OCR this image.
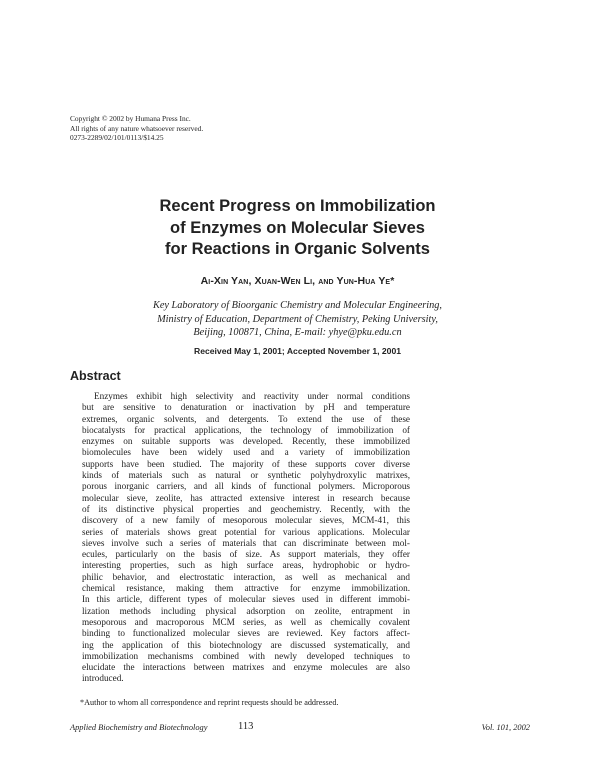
Copyright © 2002 by Humana Press Inc.
All rights of any nature whatsoever reserved.
0273-2289/02/101/0113/$14.25
Recent Progress on Immobilization
of Enzymes on Molecular Sieves
for Reactions in Organic Solvents
Ai-Xin Yan, Xuan-Wen Li, and Yun-Hua Ye*
Key Laboratory of Bioorganic Chemistry and Molecular Engineering,
Ministry of Education, Department of Chemistry, Peking University,
Beijing, 100871, China, E-mail: yhye@pku.edu.cn
Received May 1, 2001; Accepted November 1, 2001
Abstract
Enzymes exhibit high selectivity and reactivity under normal conditions
but are sensitive to denaturation or inactivation by pH and temperature
extremes, organic solvents, and detergents. To extend the use of these
biocatalysts for practical applications, the technology of immobilization of
enzymes on suitable supports was developed. Recently, these immobilized
biomolecules have been widely used and a variety of immobilization
supports have been studied. The majority of these supports cover diverse
kinds of materials such as natural or synthetic polyhydroxylic matrixes,
porous inorganic carriers, and all kinds of functional polymers. Microporous
molecular sieve, zeolite, has attracted extensive interest in research because
of its distinctive physical properties and geochemistry. Recently, with the
discovery of a new family of mesoporous molecular sieves, MCM-41, this
series of materials shows great potential for various applications. Molecular
sieves involve such a series of materials that can discriminate between mol-
ecules, particularly on the basis of size. As support materials, they offer
interesting properties, such as high surface areas, hydrophobic or hydro-
philic behavior, and electrostatic interaction, as well as mechanical and
chemical resistance, making them attractive for enzyme immobilization.
In this article, different types of molecular sieves used in different immobi-
lization methods including physical adsorption on zeolite, entrapment in
mesoporous and macroporous MCM series, as well as chemically covalent
binding to functionalized molecular sieves are reviewed. Key factors affect-
ing the application of this biotechnology are discussed systematically, and
immobilization mechanisms combined with newly developed techniques to
elucidate the interactions between matrixes and enzyme molecules are also
introduced.
*Author to whom all correspondence and reprint requests should be addressed.
Applied Biochemistry and Biotechnology	113	Vol. 101, 2002
